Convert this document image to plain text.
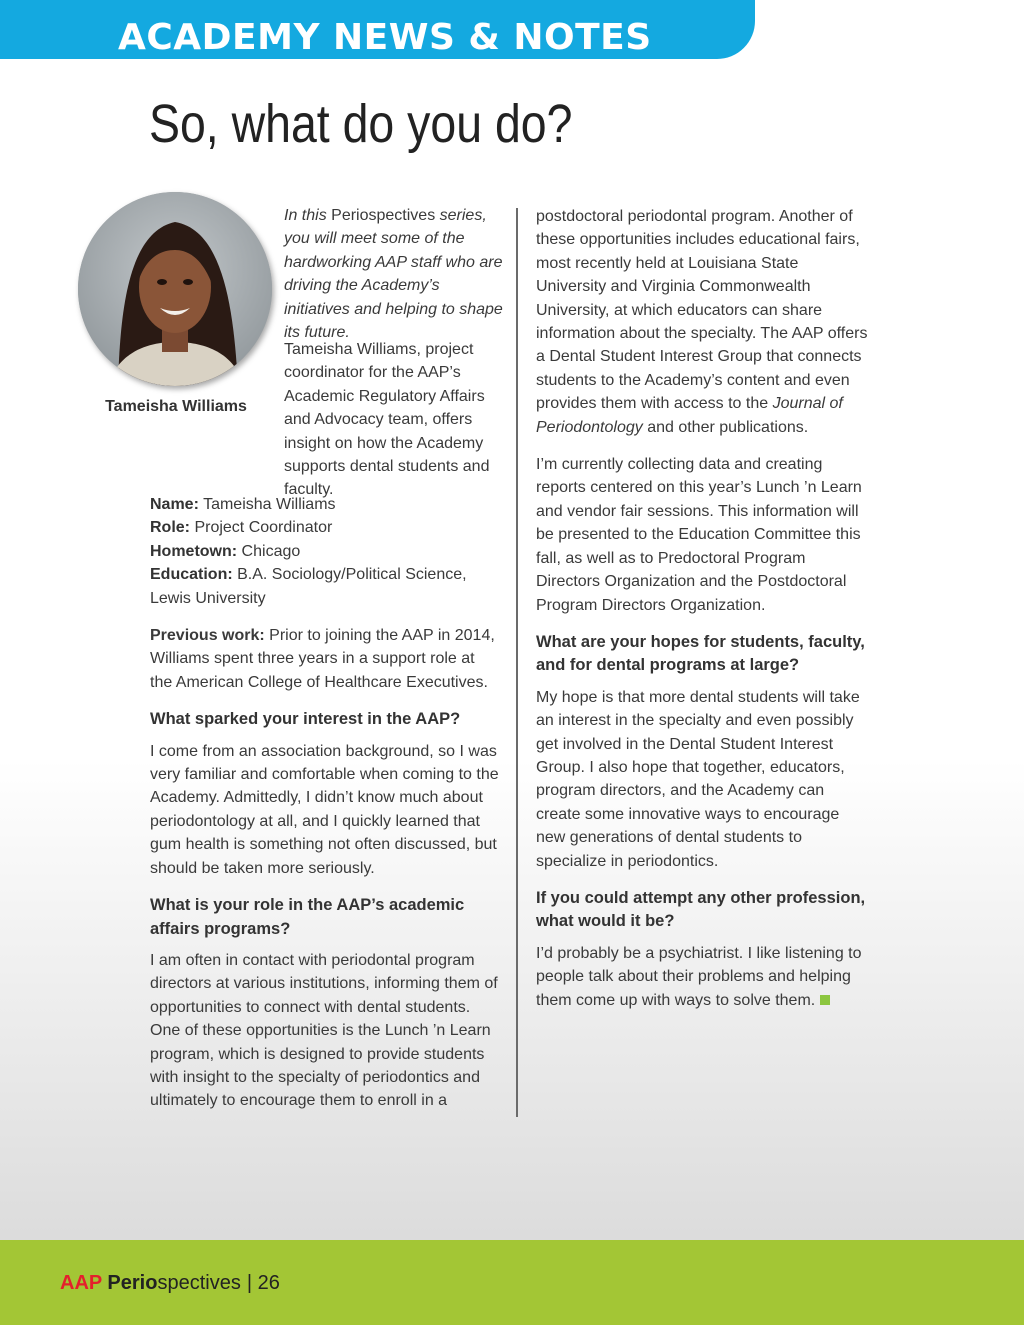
ACADEMY NEWS & NOTES
So, what do you do?
Tameisha Williams
In this Periospectives series, you will meet some of the hardworking AAP staff who are driving the Academy’s initiatives and helping to shape its future.
Tameisha Williams, project coordinator for the AAP’s Academic Regulatory Affairs and Advocacy team, offers insight on how the Academy supports dental students and faculty.
Name: Tameisha Williams
Role: Project Coordinator
Hometown: Chicago
Education: B.A. Sociology/Political Science, Lewis University

Previous work: Prior to joining the AAP in 2014, Williams spent three years in a support role at the American College of Healthcare Executives.

What sparked your interest in the AAP?

I come from an association background, so I was very familiar and comfortable when coming to the Academy. Admittedly, I didn’t know much about periodontology at all, and I quickly learned that gum health is something not often discussed, but should be taken more seriously.

What is your role in the AAP’s academic affairs programs?

I am often in contact with periodontal program directors at various institutions, informing them of opportunities to connect with dental students. One of these opportunities is the Lunch ’n Learn program, which is designed to provide students with insight to the specialty of periodontics and ultimately to encourage them to enroll in a

postdoctoral periodontal program. Another of these opportunities includes educational fairs, most recently held at Louisiana State University and Virginia Commonwealth University, at which educators can share information about the specialty. The AAP offers a Dental Student Interest Group that connects students to the Academy’s content and even provides them with access to the Journal of Periodontology and other publications.

I’m currently collecting data and creating reports centered on this year’s Lunch ’n Learn and vendor fair sessions. This information will be presented to the Education Committee this fall, as well as to Predoctoral Program Directors Organization and the Postdoctoral Program Directors Organization.

What are your hopes for students, faculty, and for dental programs at large?

My hope is that more dental students will take an interest in the specialty and even possibly get involved in the Dental Student Interest Group. I also hope that together, educators, program directors, and the Academy can create some innovative ways to encourage new generations of dental students to specialize in periodontics.

If you could attempt any other profession, what would it be?

I’d probably be a psychiatrist. I like listening to people talk about their problems and helping them come up with ways to solve them.

AAP Periospectives | 26
